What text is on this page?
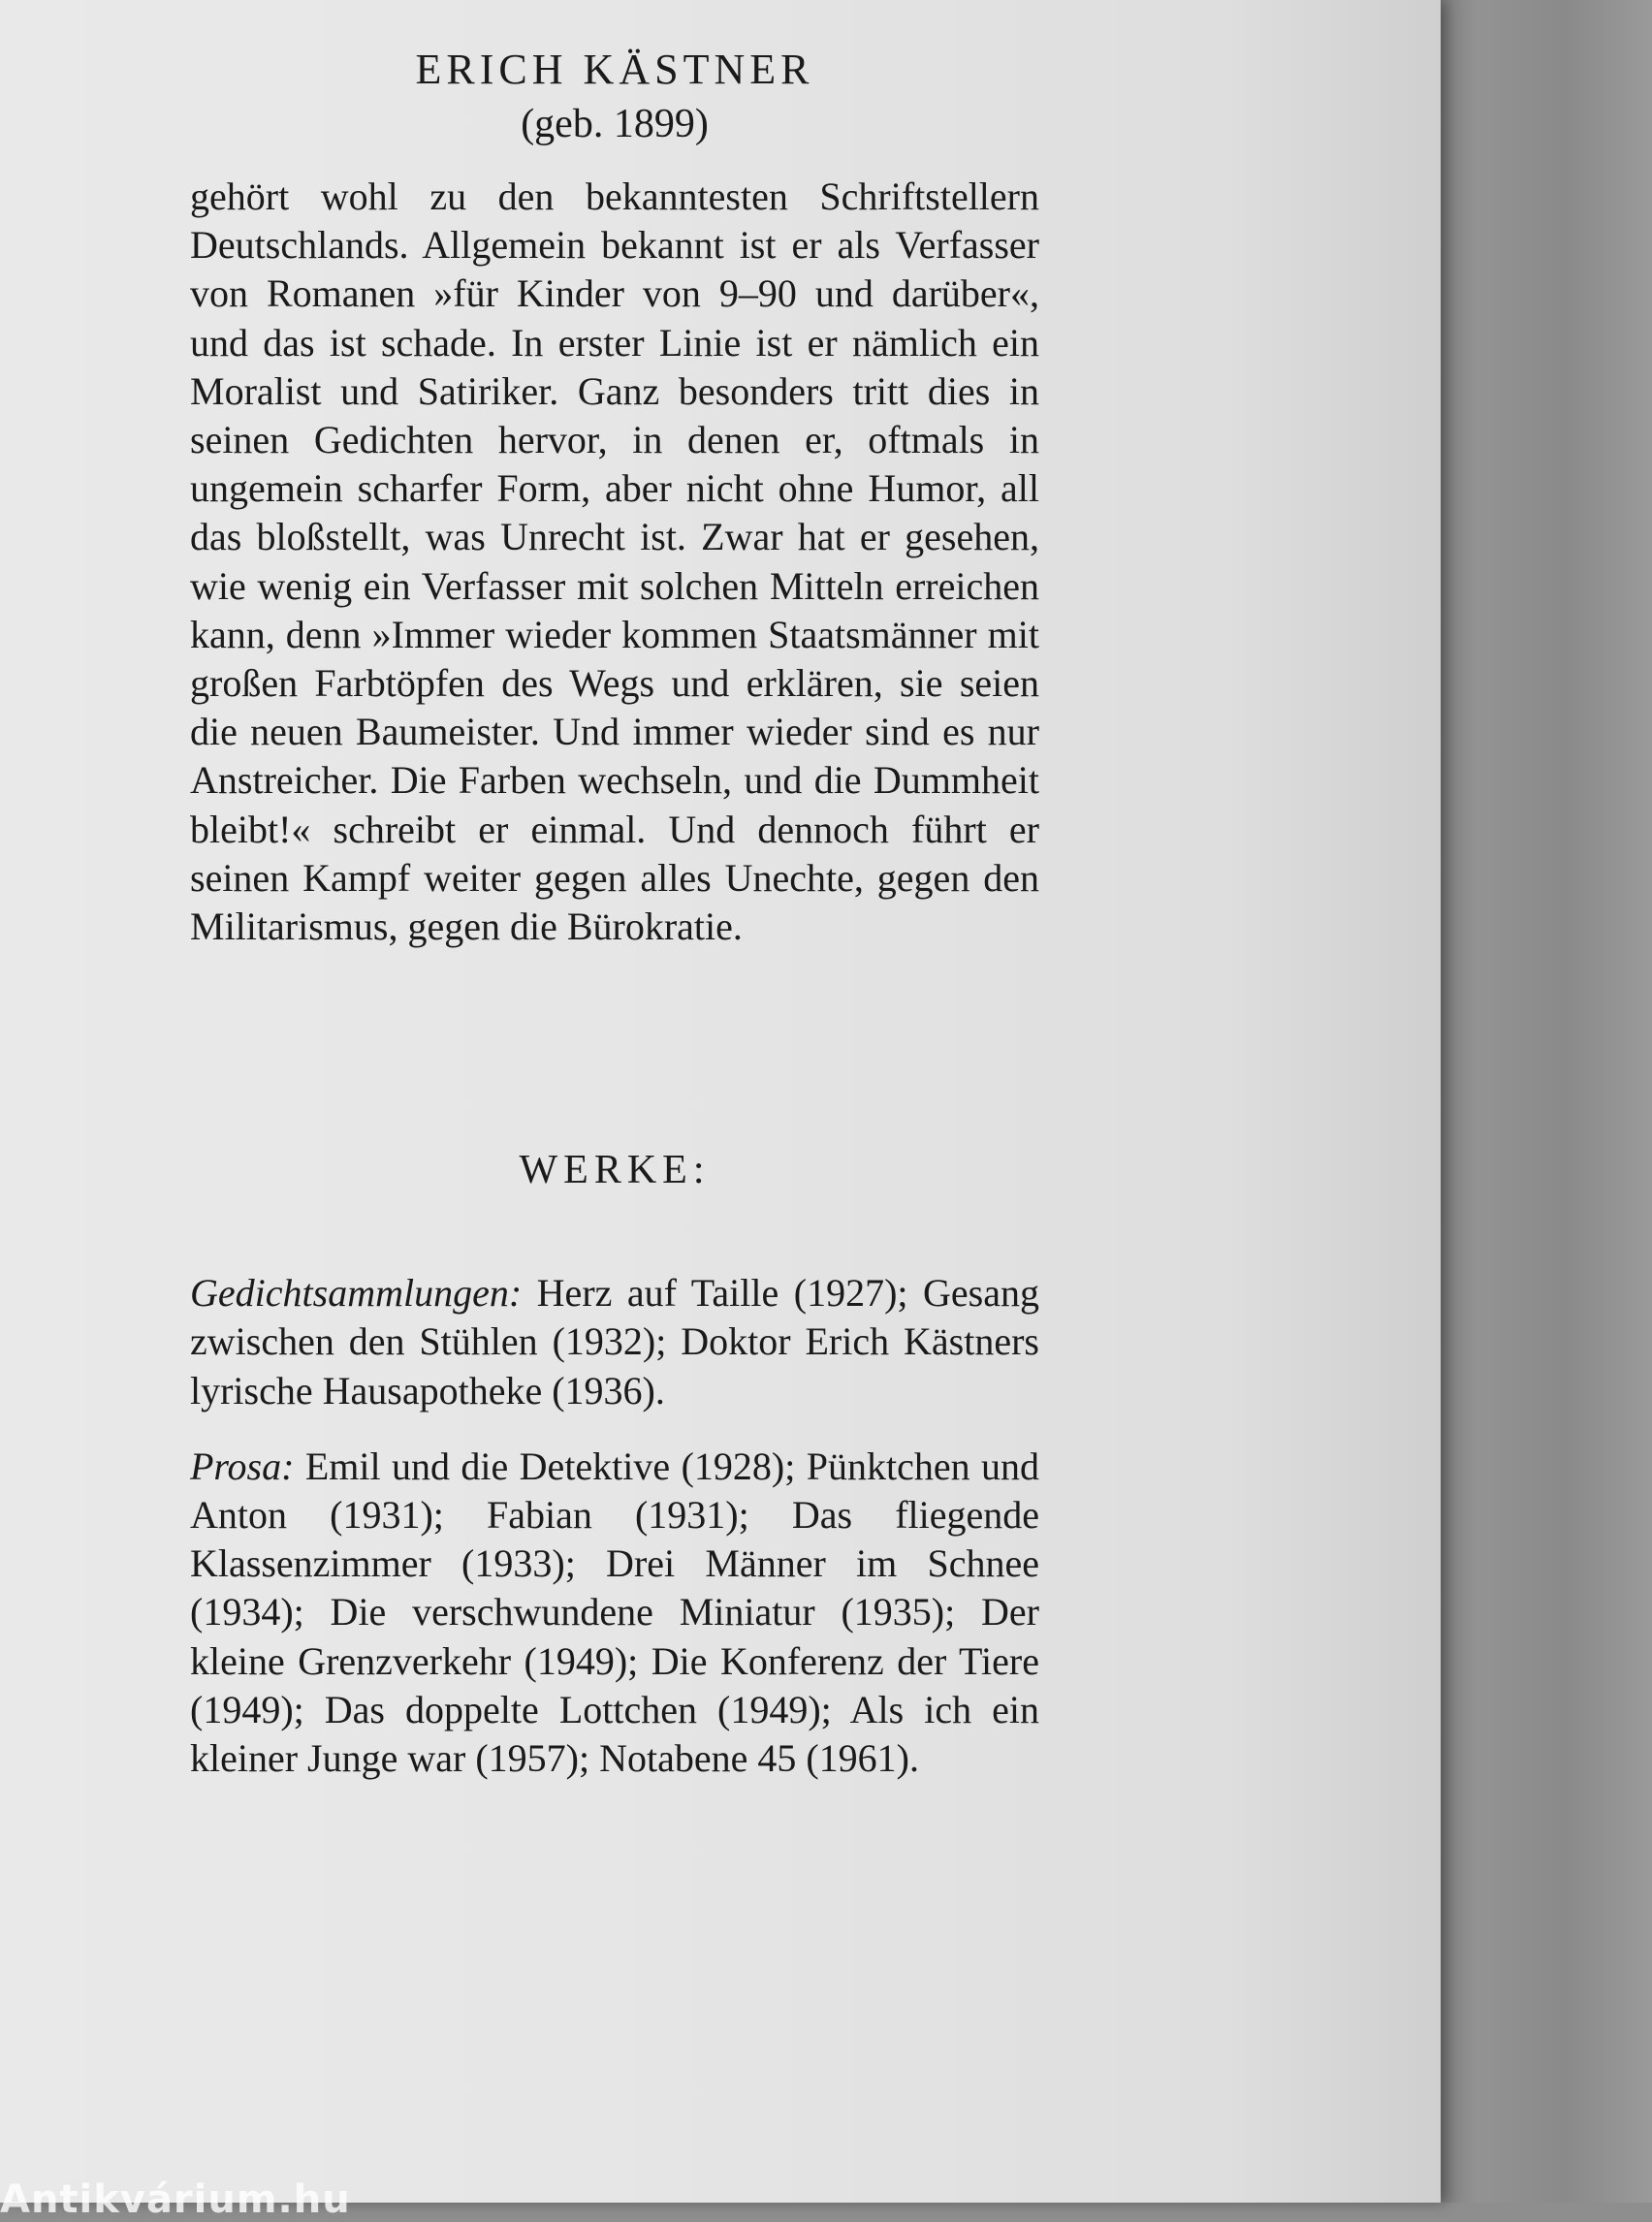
ERICH KÄSTNER

(geb. 1899)

gehört wohl zu den bekanntesten Schriftstellern Deutschlands. Allgemein bekannt ist er als Verfasser von Romanen »für Kinder von 9–90 und darüber«, und das ist schade. In erster Linie ist er nämlich ein Moralist und Satiriker. Ganz besonders tritt dies in seinen Gedichten hervor, in denen er, oftmals in ungemein scharfer Form, aber nicht ohne Humor, all das bloßstellt, was Unrecht ist. Zwar hat er gesehen, wie wenig ein Verfasser mit solchen Mitteln erreichen kann, denn »Immer wieder kommen Staatsmänner mit großen Farbtöpfen des Wegs und erklären, sie seien die neuen Baumeister. Und immer wieder sind es nur Anstreicher. Die Farben wechseln, und die Dummheit bleibt!« schreibt er einmal. Und dennoch führt er seinen Kampf weiter gegen alles Unechte, gegen den Militarismus, gegen die Bürokratie.

WERKE:

Gedichtsammlungen: Herz auf Taille (1927); Gesang zwischen den Stühlen (1932); Doktor Erich Kästners lyrische Hausapotheke (1936).

Prosa: Emil und die Detektive (1928); Pünktchen und Anton (1931); Fabian (1931); Das fliegende Klassenzimmer (1933); Drei Männer im Schnee (1934); Die verschwundene Miniatur (1935); Der kleine Grenzverkehr (1949); Die Konferenz der Tiere (1949); Das doppelte Lottchen (1949); Als ich ein kleiner Junge war (1957); Notabene 45 (1961).

Antikvárium.hu
